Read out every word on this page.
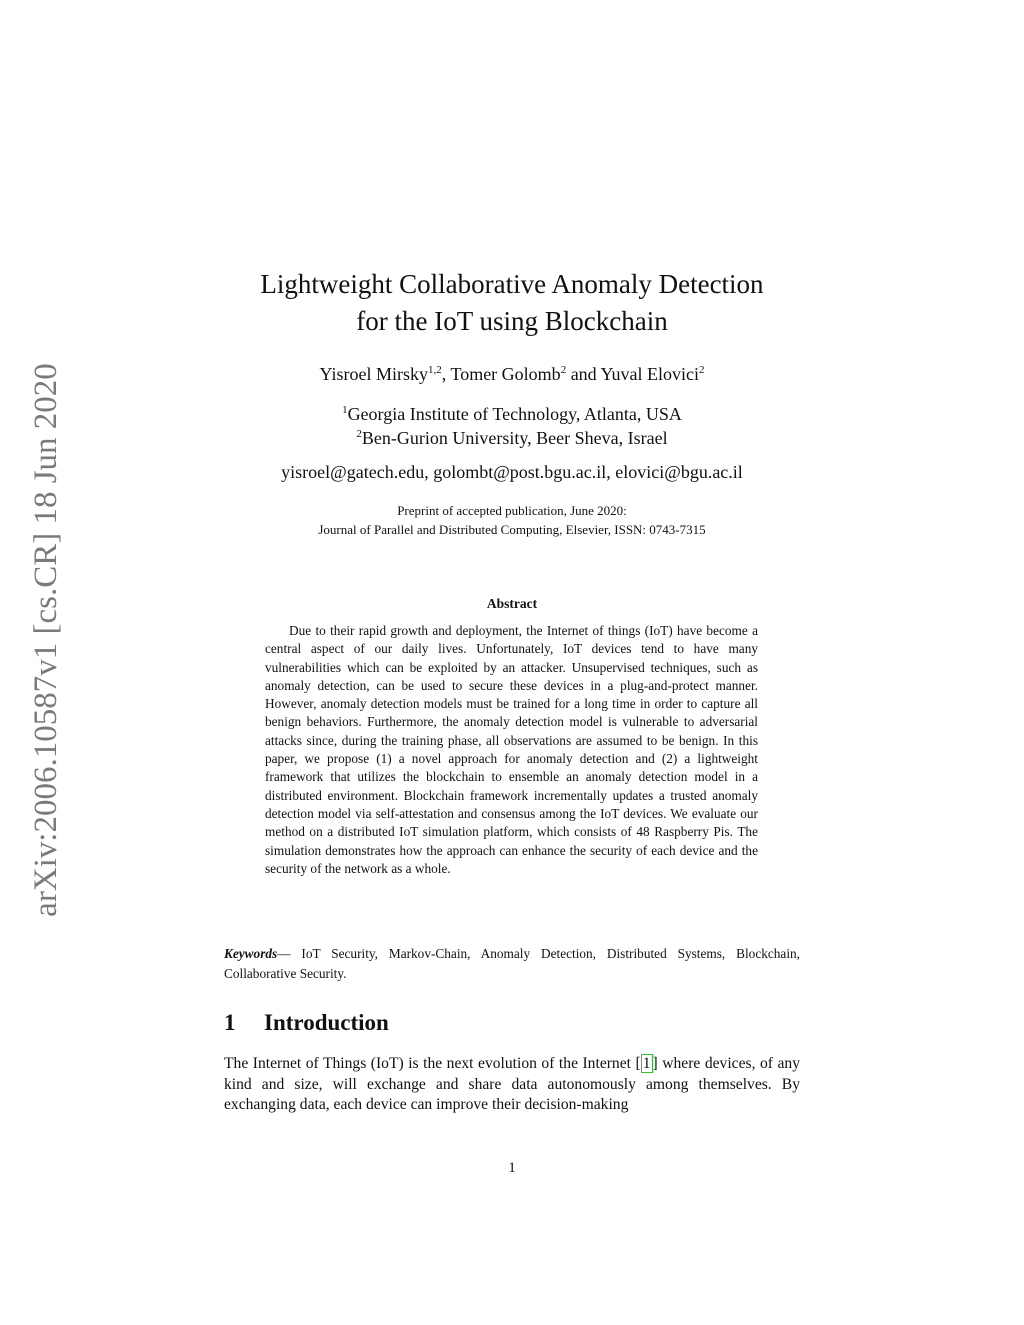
arXiv:2006.10587v1 [cs.CR] 18 Jun 2020
Lightweight Collaborative Anomaly Detection
for the IoT using Blockchain
Yisroel Mirsky$^{1,2}$, Tomer Golomb$^2$ and Yuval Elovici$^2$
$^1$Georgia Institute of Technology, Atlanta, USA
$^2$Ben-Gurion University, Beer Sheva, Israel
yisroel@gatech.edu, golombt@post.bgu.ac.il, elovici@bgu.ac.il
Preprint of accepted publication, June 2020:
Journal of Parallel and Distributed Computing, Elsevier, ISSN: 0743-7315
Abstract
Due to their rapid growth and deployment, the Internet of things (IoT) have become a central aspect of our daily lives. Unfortunately, IoT devices tend to have many vulnerabilities which can be exploited by an attacker. Unsupervised techniques, such as anomaly detection, can be used to secure these devices in a plug-and-protect manner. However, anomaly detection models must be trained for a long time in order to capture all benign behaviors. Furthermore, the anomaly detection model is vulnerable to adversarial attacks since, during the training phase, all observations are assumed to be benign. In this paper, we propose (1) a novel approach for anomaly detection and (2) a lightweight framework that utilizes the blockchain to ensemble an anomaly detection model in a distributed environment. Blockchain framework incrementally updates a trusted anomaly detection model via self-attestation and consensus among the IoT devices. We evaluate our method on a distributed IoT simulation platform, which consists of 48 Raspberry Pis. The simulation demonstrates how the approach can enhance the security of each device and the security of the network as a whole.
Keywords— IoT Security, Markov-Chain, Anomaly Detection, Distributed Systems, Blockchain, Collaborative Security.
1 Introduction
The Internet of Things (IoT) is the next evolution of the Internet [ 1 ] where devices, of any kind and size, will exchange and share data autonomously among themselves. By exchanging data, each device can improve their decision-making
1
